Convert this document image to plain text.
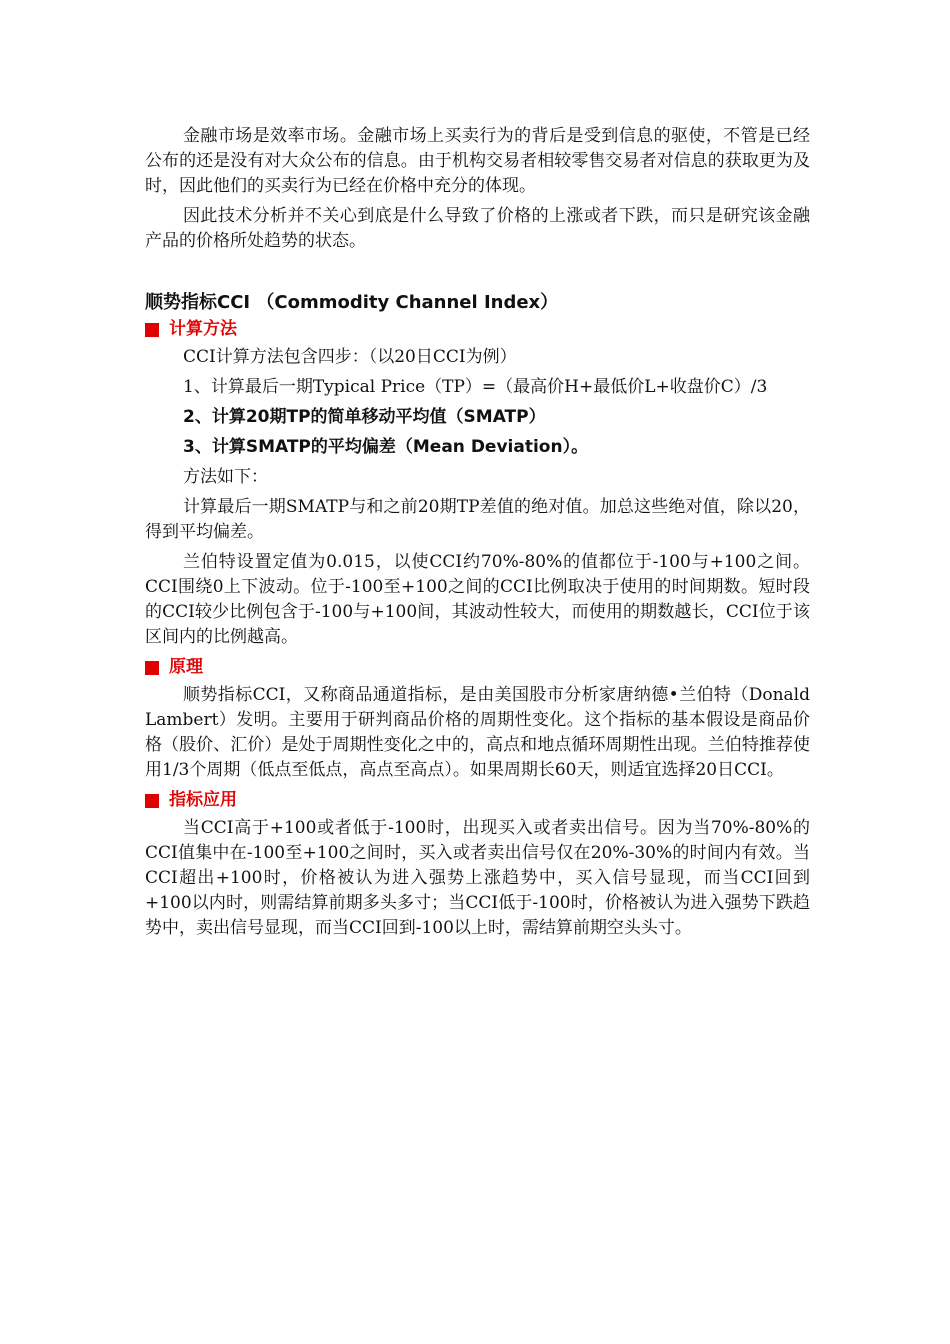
金融市场是效率市场。金融市场上买卖行为的背后是受到信息的驱使，不管是已经公布的还是没有对大众公布的信息。由于机构交易者相较零售交易者对信息的获取更为及时，因此他们的买卖行为已经在价格中充分的体现。

因此技术分析并不关心到底是什么导致了价格的上涨或者下跌，而只是研究该金融产品的价格所处趋势的状态。

顺势指标CCI （Commodity Channel Index）

计算方法

CCI计算方法包含四步：（以20日CCI为例）

1、计算最后一期Typical Price（TP）=（最高价H+最低价L+收盘价C）/3

2、计算20期TP的简单移动平均值（SMATP）

3、计算SMATP的平均偏差（Mean Deviation）。

方法如下：

计算最后一期SMATP与和之前20期TP差值的绝对值。加总这些绝对值，除以20，得到平均偏差。

兰伯特设置定值为0.015，以使CCI约70%-80%的值都位于-100与+100之间。CCI围绕0上下波动。位于-100至+100之间的CCI比例取决于使用的时间期数。短时段的CCI较少比例包含于-100与+100间，其波动性较大，而使用的期数越长，CCI位于该区间内的比例越高。

原理

顺势指标CCI，又称商品通道指标，是由美国股市分析家唐纳德•兰伯特（Donald Lambert）发明。主要用于研判商品价格的周期性变化。这个指标的基本假设是商品价格（股价、汇价）是处于周期性变化之中的，高点和地点循环周期性出现。兰伯特推荐使用1/3个周期（低点至低点，高点至高点）。如果周期长60天，则适宜选择20日CCI。

指标应用

当CCI高于+100或者低于-100时，出现买入或者卖出信号。因为当70%-80%的CCI值集中在-100至+100之间时，买入或者卖出信号仅在20%-30%的时间内有效。当CCI超出+100时，价格被认为进入强势上涨趋势中，买入信号显现，而当CCI回到+100以内时，则需结算前期多头多寸；当CCI低于-100时，价格被认为进入强势下跌趋势中，卖出信号显现，而当CCI回到-100以上时，需结算前期空头头寸。
